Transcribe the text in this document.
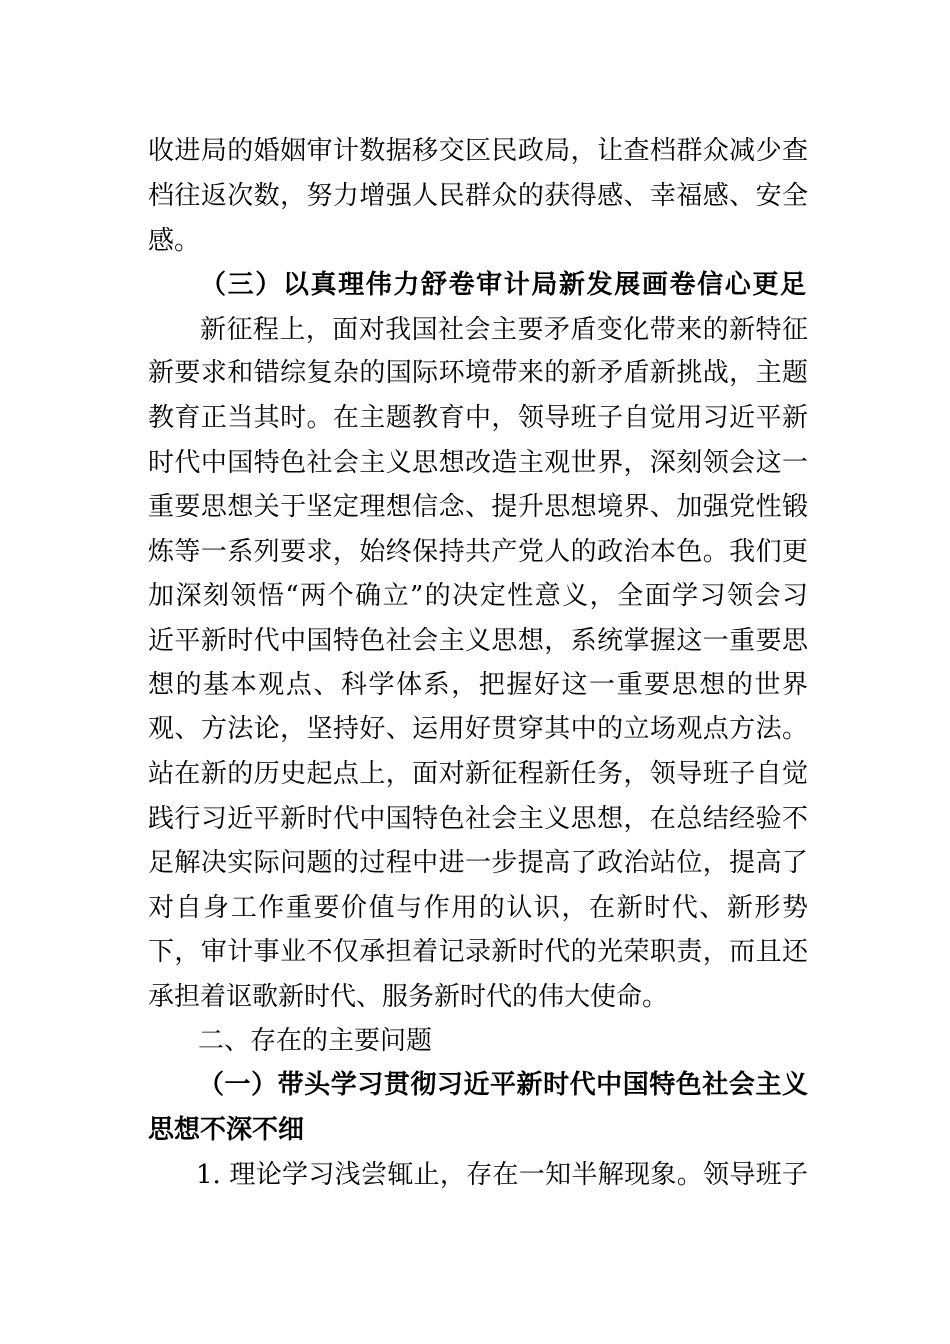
收进局的婚姻审计数据移交区民政局，让查档群众减少查
档往返次数，努力增强人民群众的获得感、幸福感、安全
感。
（三）以真理伟力舒卷审计局新发展画卷信心更足
新征程上，面对我国社会主要矛盾变化带来的新特征
新要求和错综复杂的国际环境带来的新矛盾新挑战，主题
教育正当其时。在主题教育中，领导班子自觉用习近平新
时代中国特色社会主义思想改造主观世界，深刻领会这一
重要思想关于坚定理想信念、提升思想境界、加强党性锻
炼等一系列要求，始终保持共产党人的政治本色。我们更
加深刻领悟“两个确立”的决定性意义，全面学习领会习
近平新时代中国特色社会主义思想，系统掌握这一重要思
想的基本观点、科学体系，把握好这一重要思想的世界
观、方法论，坚持好、运用好贯穿其中的立场观点方法。
站在新的历史起点上，面对新征程新任务，领导班子自觉
践行习近平新时代中国特色社会主义思想，在总结经验不
足解决实际问题的过程中进一步提高了政治站位，提高了
对自身工作重要价值与作用的认识，在新时代、新形势
下，审计事业不仅承担着记录新时代的光荣职责，而且还
承担着讴歌新时代、服务新时代的伟大使命。
二、存在的主要问题
（一）带头学习贯彻习近平新时代中国特色社会主义
思想不深不细
1. 理论学习浅尝辄止，存在一知半解现象。领导班子
